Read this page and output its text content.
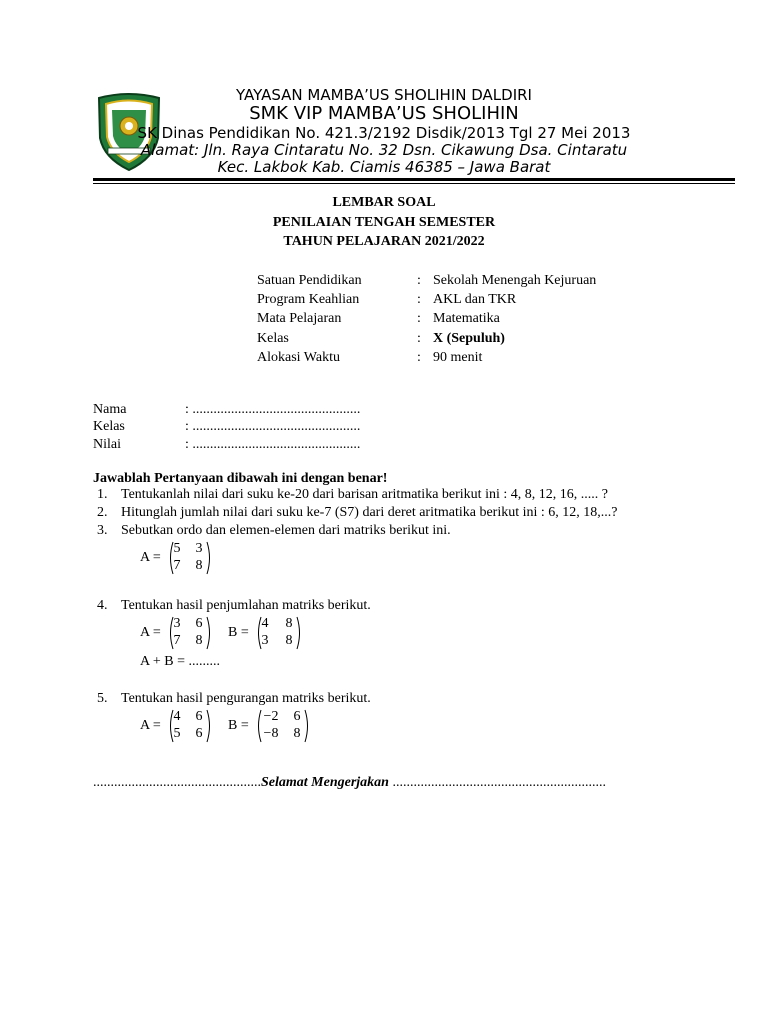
YAYASAN MAMBA’US SHOLIHIN DALDIRI
SMK VIP MAMBA’US SHOLIHIN
SK Dinas Pendidikan No. 421.3/2192 Disdik/2013 Tgl 27 Mei 2013
Alamat: Jln. Raya Cintaratu No. 32 Dsn. Cikawung Dsa. Cintaratu
Kec. Lakbok Kab. Ciamis 46385 – Jawa Barat
LEMBAR SOAL
PENILAIAN TENGAH SEMESTER
TAHUN PELAJARAN 2021/2022
Satuan Pendidikan	: Sekolah Menengah Kejuruan
Program Keahlian	: AKL dan TKR
Mata Pelajaran	: Matematika
Kelas	: X (Sepuluh)
Alokasi Waktu	: 90 menit
Nama	: ................................................
Kelas	: ................................................
Nilai	: ................................................
Jawablah Pertanyaan dibawah ini dengan benar!
1. Tentukanlah nilai dari suku ke-20 dari barisan aritmatika berikut ini : 4, 8, 12, 16, ..... ?
2. Hitunglah jumlah nilai dari suku ke-7 (S7) dari deret aritmatika berikut ini : 6, 12, 18,...?
3. Sebutkan ordo dan elemen-elemen dari matriks berikut ini.
A =
5 3
7 8
4. Tentukan hasil penjumlahan matriks berikut.
A =
3 6
7 8
B =
4 8
3 8
A + B = .........
5. Tentukan hasil pengurangan matriks berikut.
A =
4 6
5 6
B =
−2 6
−8 8
................................................Selamat Mengerjakan .............................................................
